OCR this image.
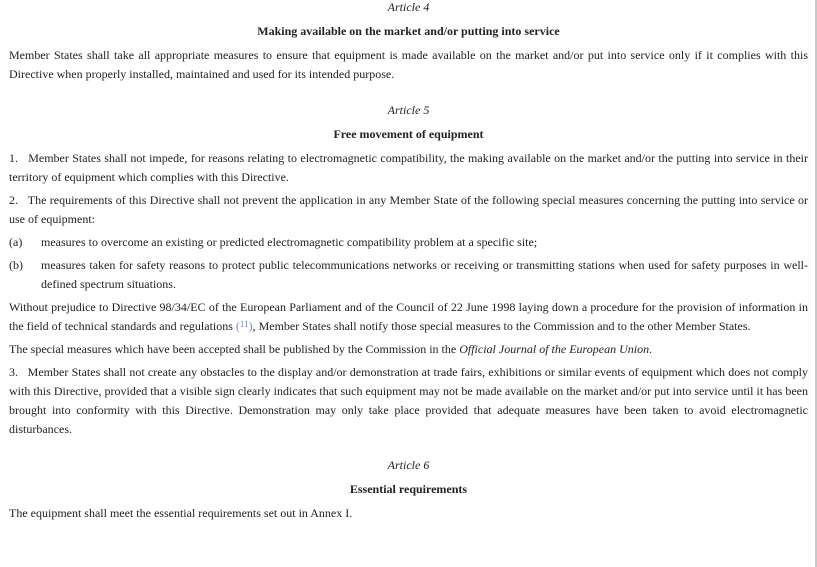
Article 4

Making available on the market and/or putting into service

Member States shall take all appropriate measures to ensure that equipment is made available on the market and/or put into service only if it complies with this Directive when properly installed, maintained and used for its intended purpose.

Article 5

Free movement of equipment

1.   Member States shall not impede, for reasons relating to electromagnetic compatibility, the making available on the market and/or the putting into service in their territory of equipment which complies with this Directive.

2.   The requirements of this Directive shall not prevent the application in any Member State of the following special measures concerning the putting into service or use of equipment:

(a)	measures to overcome an existing or predicted electromagnetic compatibility problem at a specific site;
(b)	measures taken for safety reasons to protect public telecommunications networks or receiving or transmitting stations when used for safety purposes in well-defined spectrum situations.

Without prejudice to Directive 98/34/EC of the European Parliament and of the Council of 22 June 1998 laying down a procedure for the provision of information in the field of technical standards and regulations ($^{11}$), Member States shall notify those special measures to the Commission and to the other Member States.

The special measures which have been accepted shall be published by the Commission in the Official Journal of the European Union.

3.   Member States shall not create any obstacles to the display and/or demonstration at trade fairs, exhibitions or similar events of equipment which does not comply with this Directive, provided that a visible sign clearly indicates that such equipment may not be made available on the market and/or put into service until it has been brought into conformity with this Directive. Demonstration may only take place provided that adequate measures have been taken to avoid electromagnetic disturbances.

Article 6

Essential requirements

The equipment shall meet the essential requirements set out in Annex I.
